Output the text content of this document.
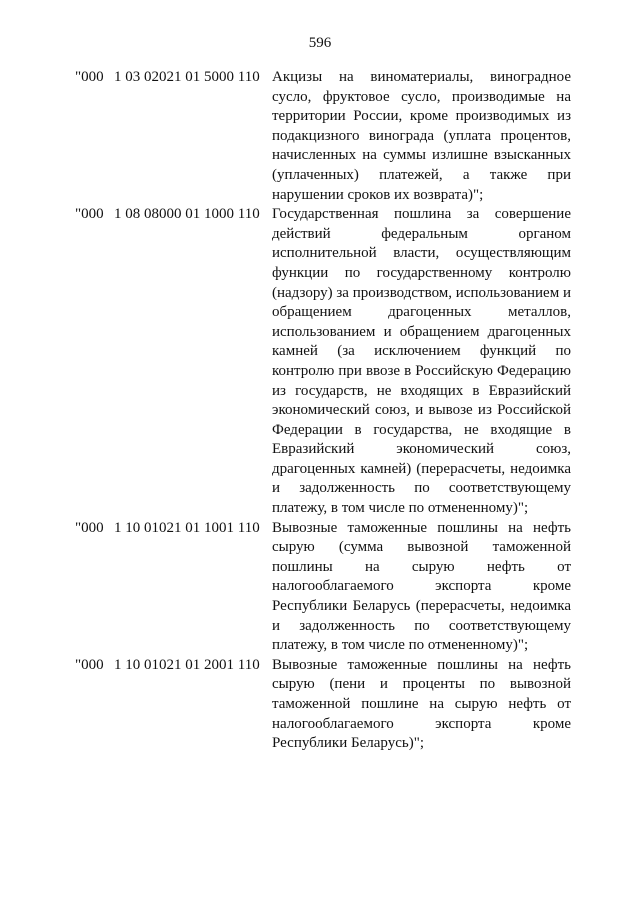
596
"000 1 03 02021 01 5000 110 Акцизы на виноматериалы, виноградное сусло, фруктовое сусло, производимые на территории России, кроме производимых из подакцизного винограда (уплата процентов, начисленных на суммы излишне взысканных (уплаченных) платежей, а также при нарушении сроков их возврата)";
"000 1 08 08000 01 1000 110 Государственная пошлина за совершение действий федеральным органом исполнительной власти, осуществляющим функции по государственному контролю (надзору) за производством, использованием и обращением драгоценных металлов, использованием и обращением драгоценных камней (за исключением функций по контролю при ввозе в Российскую Федерацию из государств, не входящих в Евразийский экономический союз, и вывозе из Российской Федерации в государства, не входящие в Евразийский экономический союз, драгоценных камней) (перерасчеты, недоимка и задолженность по соответствующему платежу, в том числе по отмененному)";
"000 1 10 01021 01 1001 110 Вывозные таможенные пошлины на нефть сырую (сумма вывозной таможенной пошлины на сырую нефть от налогооблагаемого экспорта кроме Республики Беларусь (перерасчеты, недоимка и задолженность по соответствующему платежу, в том числе по отмененному)";
"000 1 10 01021 01 2001 110 Вывозные таможенные пошлины на нефть сырую (пени и проценты по вывозной таможенной пошлине на сырую нефть от налогооблагаемого экспорта кроме Республики Беларусь)";
